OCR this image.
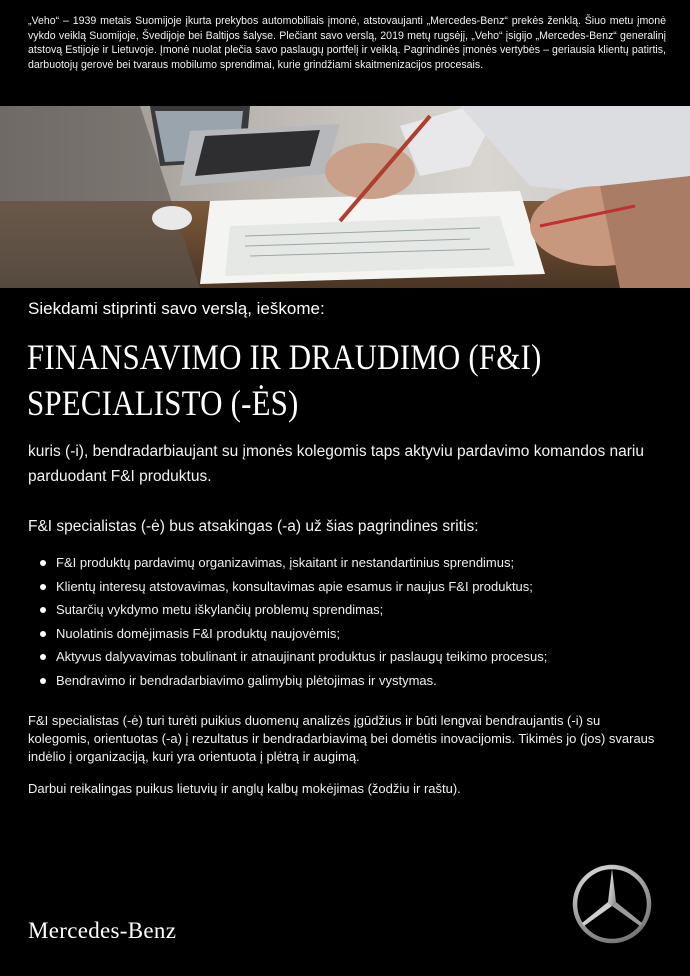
„Veho“ – 1939 metais Suomijoje įkurta prekybos automobiliais įmonė, atstovaujanti „Mercedes-Benz“ prekės ženklą. Šiuo metu įmonė vykdo veiklą Suomijoje, Švedijoje bei Baltijos šalyse. Plečiant savo verslą, 2019 metų rugsėjį, „Veho“ įsigijo „Mercedes-Benz“ generalinį atstovą Estijoje ir Lietuvoje. Įmonė nuolat plečia savo paslaugų portfelį ir veiklą. Pagrindinės įmonės vertybės – geriausia klientų patirtis, darbuotojų gerovė bei tvaraus mobilumo sprendimai, kurie grindžiami skaitmenizacijos procesais.
Siekdami stiprinti savo verslą, ieškome:
FINANSAVIMO IR DRAUDIMO (F&I)
SPECIALISTO (-ĖS)
kuris (-i), bendradarbiaujant su įmonės kolegomis taps aktyviu pardavimo komandos nariu parduodant F&I produktus.
F&I specialistas (-ė) bus atsakingas (-a) už šias pagrindines sritis:
F&I produktų pardavimų organizavimas, įskaitant ir nestandartinius sprendimus;
Klientų interesų atstovavimas, konsultavimas apie esamus ir naujus F&I produktus;
Sutarčių vykdymo metu iškylančių problemų sprendimas;
Nuolatinis domėjimasis F&I produktų naujovėmis;
Aktyvus dalyvavimas tobulinant ir atnaujinant produktus ir paslaugų teikimo procesus;
Bendravimo ir bendradarbiavimo galimybių plėtojimas ir vystymas.
F&I specialistas (-ė) turi turėti puikius duomenų analizės įgūdžius ir būti lengvai bendraujantis (-i) su kolegomis, orientuotas (-a) į rezultatus ir bendradarbiavimą bei domėtis inovacijomis. Tikimės jo (jos) svaraus indėlio į organizaciją, kuri yra orientuota į plėtrą ir augimą.
Darbui reikalingas puikus lietuvių ir anglų kalbų mokėjimas (žodžiu ir raštu).
Mercedes-Benz
